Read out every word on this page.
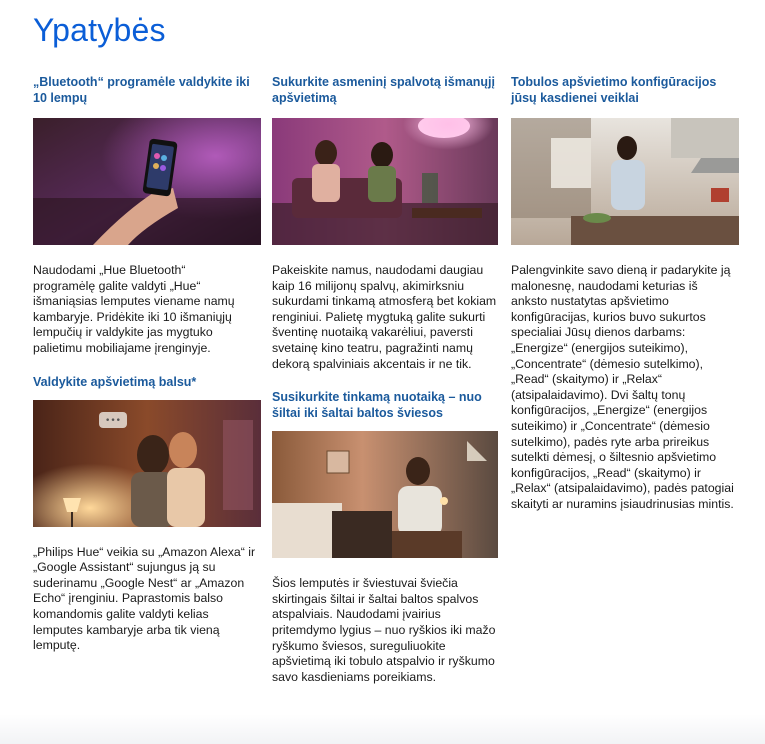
Ypatybės
„Bluetooth“ programėle valdykite iki 10 lempų

Naudodami „Hue Bluetooth“ programėlę galite valdyti „Hue“ išmaniąsias lemputes viename namų kambaryje. Pridėkite iki 10 išmaniųjų lempučių ir valdykite jas mygtuko palietimu mobiliajame įrenginyje.

Valdykite apšvietimą balsu*
•••

„Philips Hue“ veikia su „Amazon Alexa“ ir „Google Assistant“ sujungus ją su suderinamu „Google Nest“ ar „Amazon Echo“ įrenginiu. Paprastomis balso komandomis galite valdyti kelias lemputes kambaryje arba tik vieną lemputę.

Sukurkite asmeninį spalvotą išmanųjį apšvietimą

Pakeiskite namus, naudodami daugiau kaip 16 milijonų spalvų, akimirksniu sukurdami tinkamą atmosferą bet kokiam renginiui. Palietę mygtuką galite sukurti šventinę nuotaiką vakarėliui, paversti svetainę kino teatru, pagražinti namų dekorą spalviniais akcentais ir ne tik.

Susikurkite tinkamą nuotaiką – nuo šiltai iki šaltai baltos šviesos

Šios lemputės ir šviestuvai šviečia skirtingais šiltai ir šaltai baltos spalvos atspalviais. Naudodami įvairius pritemdymo lygius – nuo ryškios iki mažo ryškumo šviesos, sureguliuokite apšvietimą iki tobulo atspalvio ir ryškumo savo kasdieniams poreikiams.

Tobulos apšvietimo konfigūracijos jūsų kasdienei veiklai

Palengvinkite savo dieną ir padarykite ją malonesnę, naudodami keturias iš anksto nustatytas apšvietimo konfigūracijas, kurios buvo sukurtos specialiai Jūsų dienos darbams: „Energize“ (energijos suteikimo), „Concentrate“ (dėmesio sutelkimo), „Read“ (skaitymo) ir „Relax“ (atsipalaidavimo). Dvi šaltų tonų konfigūracijos, „Energize“ (energijos suteikimo) ir „Concentrate“ (dėmesio sutelkimo), padės ryte arba prireikus sutelkti dėmesį, o šiltesnio apšvietimo konfigūracijos, „Read“ (skaitymo) ir „Relax“ (atsipalaidavimo), padės patogiai skaityti ar nuramins įsiaudrinusias mintis.
